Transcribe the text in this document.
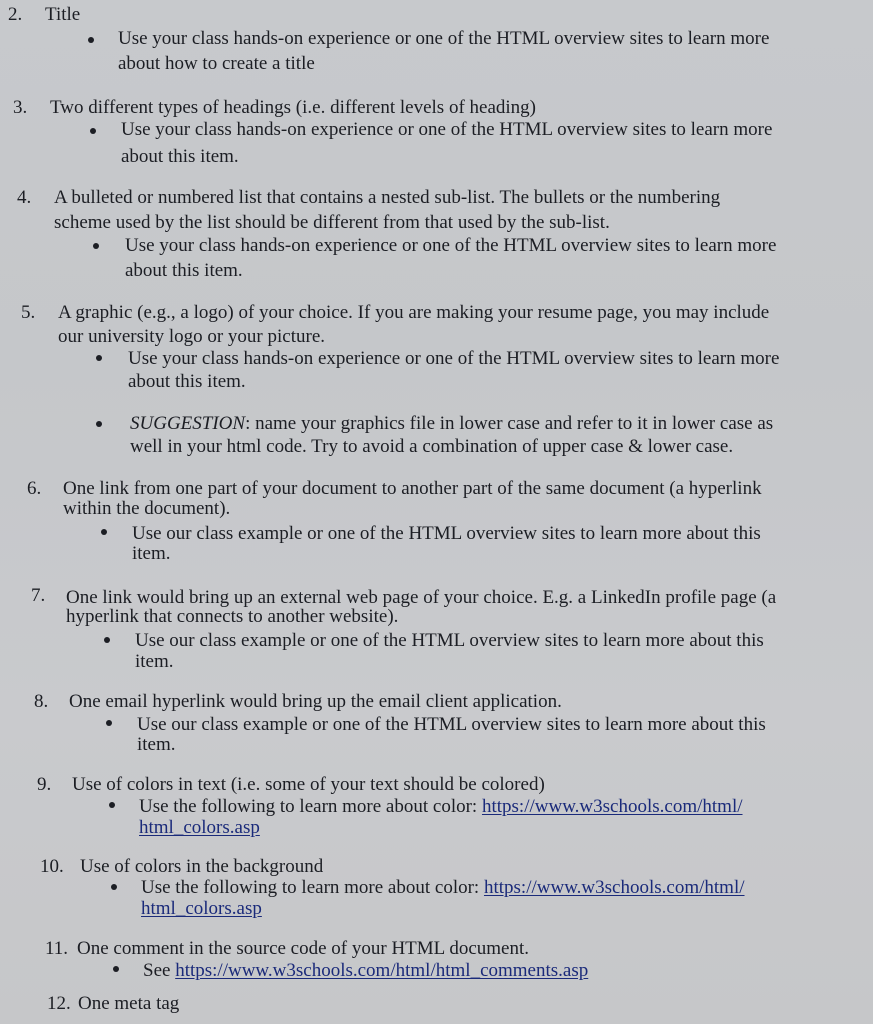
2. Title
Use your class hands-on experience or one of the HTML overview sites to learn more
about how to create a title
3. Two different types of headings (i.e. different levels of heading)
Use your class hands-on experience or one of the HTML overview sites to learn more
about this item.
4. A bulleted or numbered list that contains a nested sub-list. The bullets or the numbering
scheme used by the list should be different from that used by the sub-list.
Use your class hands-on experience or one of the HTML overview sites to learn more
about this item.
5. A graphic (e.g., a logo) of your choice. If you are making your resume page, you may include
our university logo or your picture.
Use your class hands-on experience or one of the HTML overview sites to learn more
about this item.
SUGGESTION: name your graphics file in lower case and refer to it in lower case as
well in your html code. Try to avoid a combination of upper case & lower case.
6. One link from one part of your document to another part of the same document (a hyperlink
within the document).
Use our class example or one of the HTML overview sites to learn more about this
item.
7. One link would bring up an external web page of your choice. E.g. a LinkedIn profile page (a
hyperlink that connects to another website).
Use our class example or one of the HTML overview sites to learn more about this
item.
8. One email hyperlink would bring up the email client application.
Use our class example or one of the HTML overview sites to learn more about this
item.
9. Use of colors in text (i.e. some of your text should be colored)
Use the following to learn more about color: https://www.w3schools.com/html/
html_colors.asp
10. Use of colors in the background
Use the following to learn more about color: https://www.w3schools.com/html/
html_colors.asp
11. One comment in the source code of your HTML document.
See https://www.w3schools.com/html/html_comments.asp
12. One meta tag
